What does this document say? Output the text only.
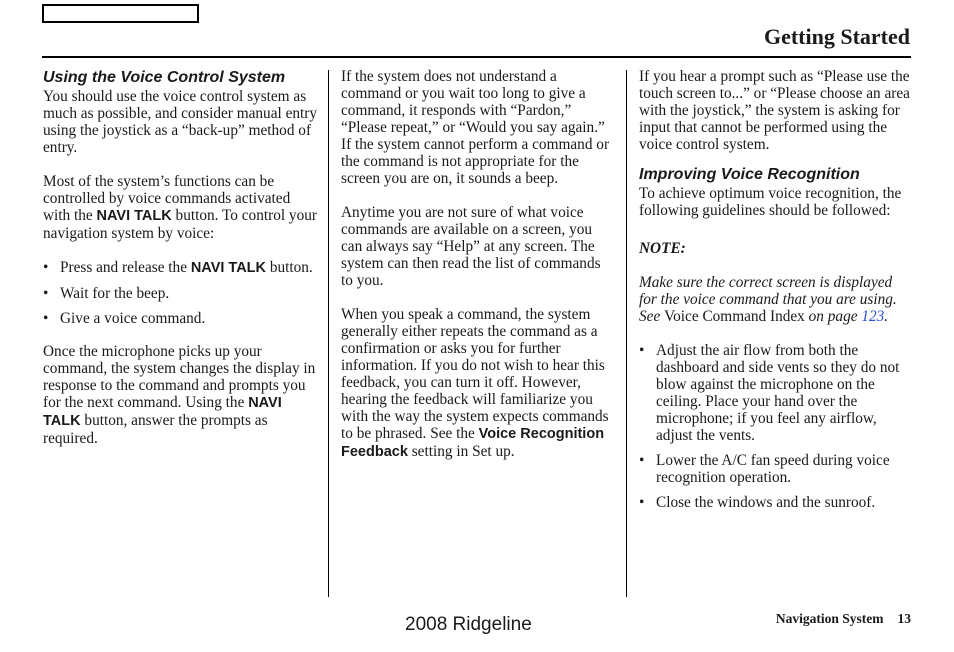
Getting Started
Using the Voice Control System

You should use the voice control system as much as possible, and consider manual entry using the joystick as a “back-up” method of entry.

Most of the system’s functions can be controlled by voice commands activated with the NAVI TALK button. To control your navigation system by voice:

• Press and release the NAVI TALK button.
• Wait for the beep.
• Give a voice command.

Once the microphone picks up your command, the system changes the display in response to the command and prompts you for the next command. Using the NAVI TALK button, answer the prompts as required.

If the system does not understand a command or you wait too long to give a command, it responds with “Pardon,” “Please repeat,” or “Would you say again.” If the system cannot perform a command or the command is not appropriate for the screen you are on, it sounds a beep.

Anytime you are not sure of what voice commands are available on a screen, you can always say “Help” at any screen. The system can then read the list of commands to you.

When you speak a command, the system generally either repeats the command as a confirmation or asks you for further information. If you do not wish to hear this feedback, you can turn it off. However, hearing the feedback will familiarize you with the way the system expects commands to be phrased. See the Voice Recognition Feedback setting in Set up.

If you hear a prompt such as “Please use the touch screen to...” or “Please choose an area with the joystick,” the system is asking for input that cannot be performed using the voice control system.

Improving Voice Recognition

To achieve optimum voice recognition, the following guidelines should be followed:

NOTE:

Make sure the correct screen is displayed for the voice command that you are using. See Voice Command Index on page 123.

• Adjust the air flow from both the dashboard and side vents so they do not blow against the microphone on the ceiling. Place your hand over the microphone; if you feel any airflow, adjust the vents.
• Lower the A/C fan speed during voice recognition operation.
• Close the windows and the sunroof.
2008 Ridgeline	Navigation System 13
